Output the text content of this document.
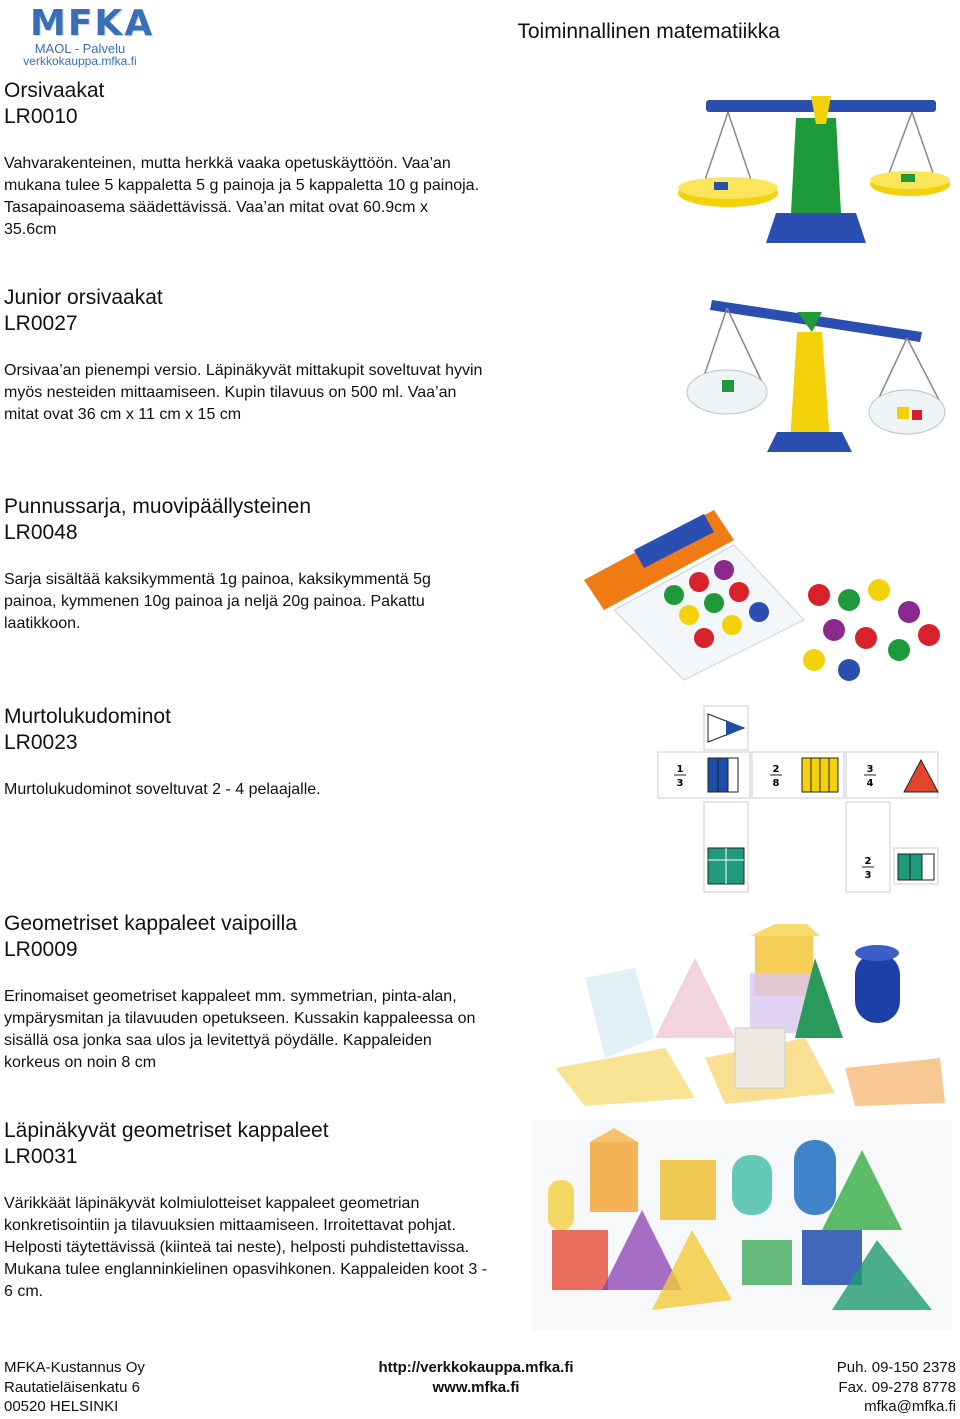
MFKA
MAOL - Palvelu
verkkokauppa.mfka.fi
Toiminnallinen matematiikka
Orsivaakat
LR0010
Vahvarakenteinen, mutta herkkä vaaka opetuskäyttöön. Vaa’an mukana tulee 5 kappaletta 5 g painoja ja 5 kappaletta 10 g painoja. Tasapainoasema säädettävissä. Vaa’an mitat ovat 60.9cm x 35.6cm
Junior orsivaakat
LR0027
Orsivaa’an pienempi versio. Läpinäkyvät mittakupit soveltuvat hyvin myös nesteiden mittaamiseen. Kupin tilavuus on 500 ml. Vaa’an mitat ovat 36 cm x 11 cm x 15 cm
Punnussarja, muovipäällysteinen
LR0048
Sarja sisältää kaksikymmentä 1g painoa, kaksikymmentä 5g painoa, kymmenen 10g painoa ja neljä 20g painoa. Pakattu laatikkoon.
Murtolukudominot
LR0023
Murtolukudominot soveltuvat 2 - 4 pelaajalle.
1
3
2
8
3
4
2
3
Geometriset kappaleet vaipoilla
LR0009
Erinomaiset geometriset kappaleet mm. symmetrian, pinta-alan, ympärysmitan ja tilavuuden opetukseen. Kussakin kappaleessa on sisällä osa jonka saa ulos ja levitettyä pöydälle. Kappaleiden korkeus on noin 8 cm
Läpinäkyvät geometriset kappaleet
LR0031
Värikkäät läpinäkyvät kolmiulotteiset kappaleet geometrian konkretisointiin ja tilavuuksien mittaamiseen. Irroitettavat pohjat. Helposti täytettävissä (kiinteä tai neste), helposti puhdistettavissa. Mukana tulee englanninkielinen opasvihkonen. Kappaleiden koot 3 - 6 cm.
MFKA-Kustannus Oy
Rautatieläisenkatu 6
00520 HELSINKI
http://verkkokauppa.mfka.fi
www.mfka.fi
Puh. 09-150 2378
Fax. 09-278 8778
mfka@mfka.fi
